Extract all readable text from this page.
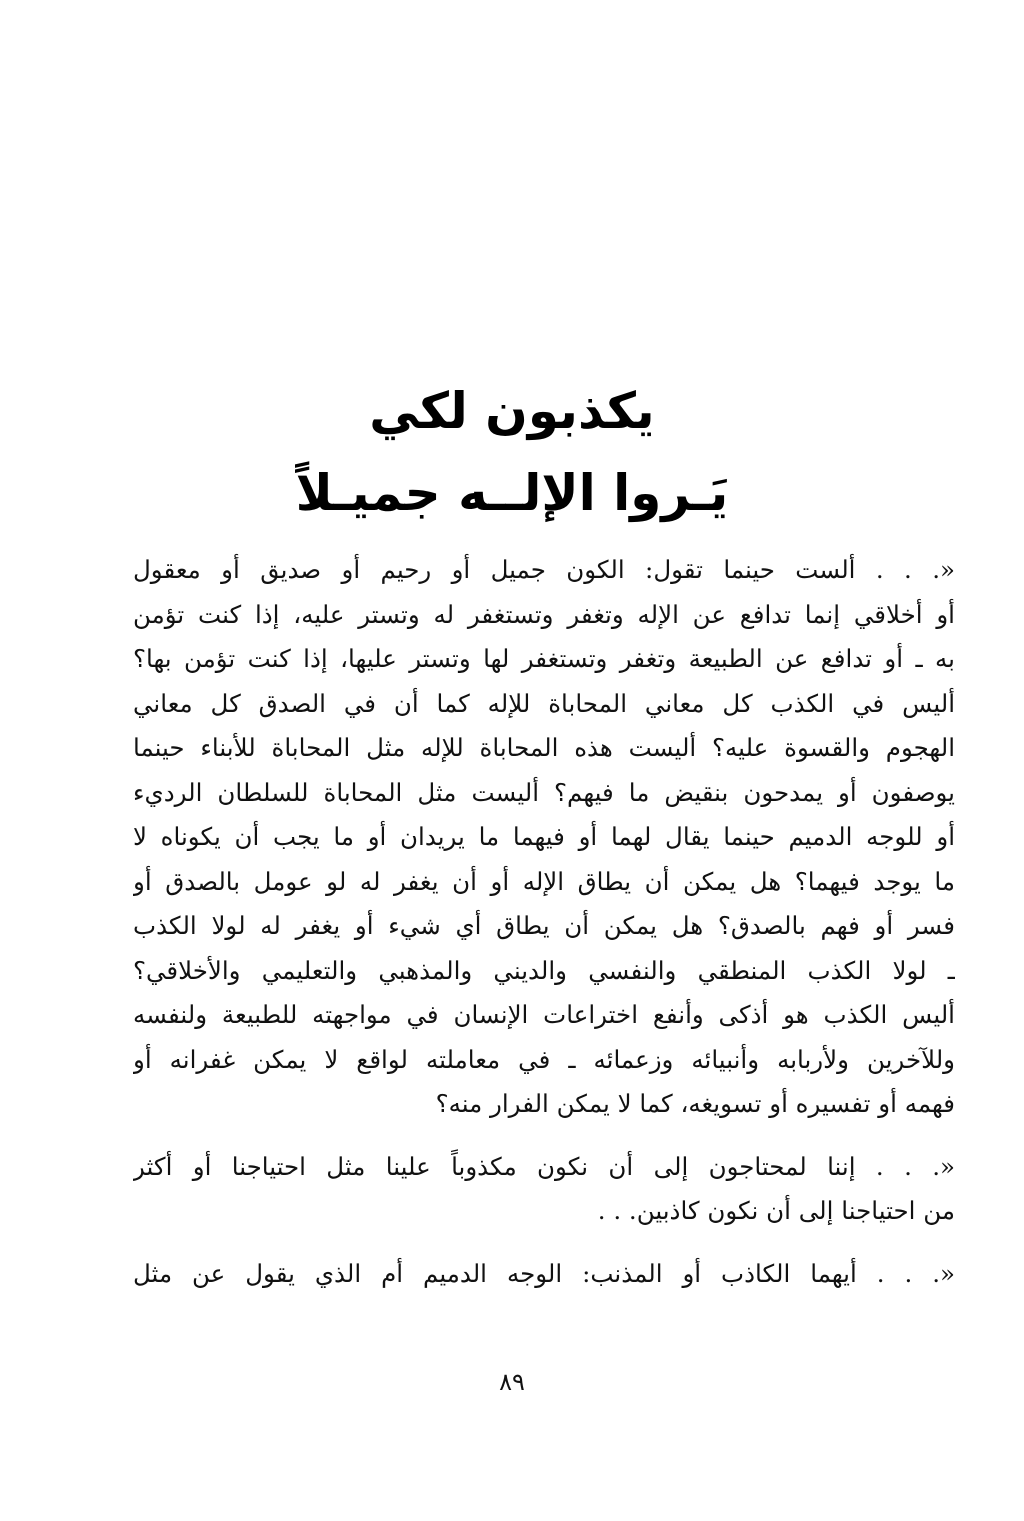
يكذبون لكي

يَـروا الإلــه جميـلاً

«. . . ألست حينما تقول: الكون جميل أو رحيم أو صديق أو معقول
أو أخلاقي إنما تدافع عن الإله وتغفر وتستغفر له وتستر عليه، إذا كنت تؤمن
به ـ أو تدافع عن الطبيعة وتغفر وتستغفر لها وتستر عليها، إذا كنت تؤمن بها؟
أليس في الكذب كل معاني المحاباة للإله كما أن في الصدق كل معاني
الهجوم والقسوة عليه؟ أليست هذه المحاباة للإله مثل المحاباة للأبناء حينما
يوصفون أو يمدحون بنقيض ما فيهم؟ أليست مثل المحاباة للسلطان الرديء
أو للوجه الدميم حينما يقال لهما أو فيهما ما يريدان أو ما يجب أن يكوناه لا
ما يوجد فيهما؟ هل يمكن أن يطاق الإله أو أن يغفر له لو عومل بالصدق أو
فسر أو فهم بالصدق؟ هل يمكن أن يطاق أي شيء أو يغفر له لولا الكذب
ـ لولا الكذب المنطقي والنفسي والديني والمذهبي والتعليمي والأخلاقي؟
أليس الكذب هو أذكى وأنفع اختراعات الإنسان في مواجهته للطبيعة ولنفسه
وللآخرين ولأربابه وأنبيائه وزعمائه ـ في معاملته لواقع لا يمكن غفرانه أو
فهمه أو تفسيره أو تسويغه، كما لا يمكن الفرار منه؟
«. . . إننا لمحتاجون إلى أن نكون مكذوباً علينا مثل احتياجنا أو أكثر
من احتياجنا إلى أن نكون كاذبين. . .
«. . . أيهما الكاذب أو المذنب: الوجه الدميم أم الذي يقول عن مثل
٨٩
